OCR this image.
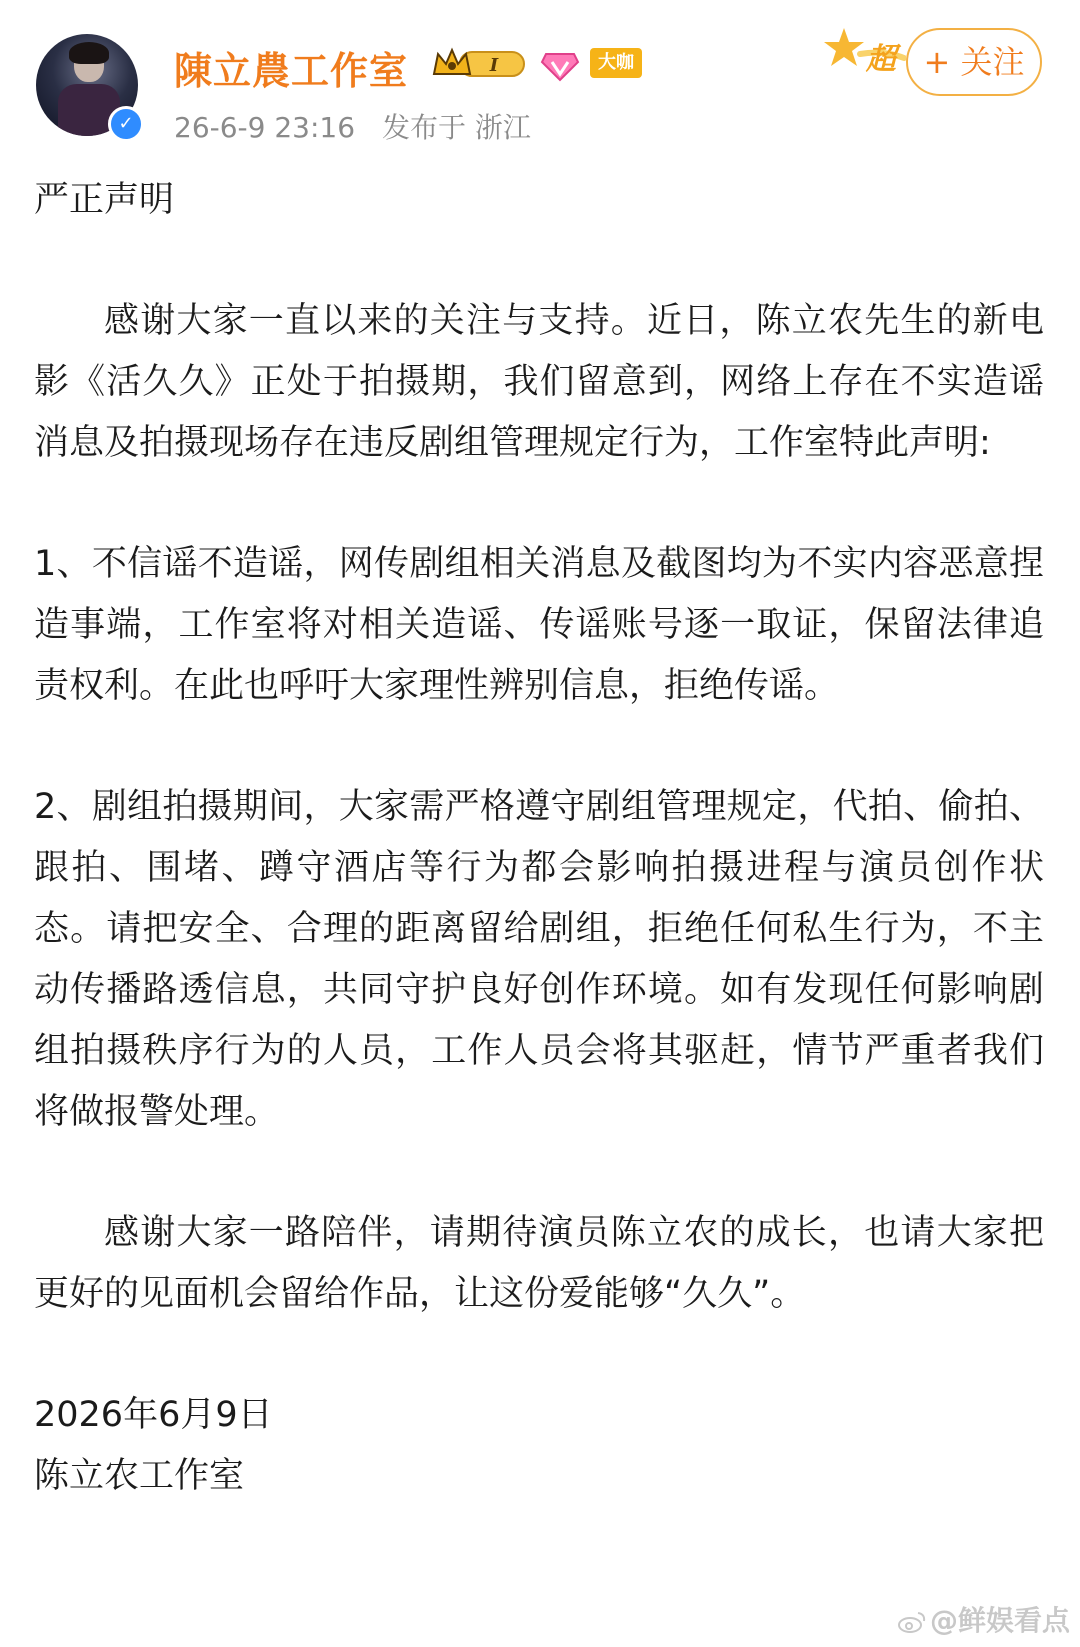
✓
陳立農工作室	I	大咖
26-6-9 23:16 发布于 浙江
超 + 关注

严正声明

感谢大家一直以来的关注与支持。近日，陈立农先生的新电影《活久久》正处于拍摄期，我们留意到，网络上存在不实造谣消息及拍摄现场存在违反剧组管理规定行为，工作室特此声明:

1、不信谣不造谣，网传剧组相关消息及截图均为不实内容恶意捏造事端，工作室将对相关造谣、传谣账号逐一取证，保留法律追责权利。在此也呼吁大家理性辨别信息，拒绝传谣。

2、剧组拍摄期间，大家需严格遵守剧组管理规定，代拍、偷拍、跟拍、围堵、蹲守酒店等行为都会影响拍摄进程与演员创作状态。请把安全、合理的距离留给剧组，拒绝任何私生行为，不主动传播路透信息，共同守护良好创作环境。如有发现任何影响剧组拍摄秩序行为的人员，工作人员会将其驱赶，情节严重者我们将做报警处理。

感谢大家一路陪伴，请期待演员陈立农的成长，也请大家把更好的见面机会留给作品，让这份爱能够“久久”。

2026年6月9日

陈立农工作室

@鲜娱看点
